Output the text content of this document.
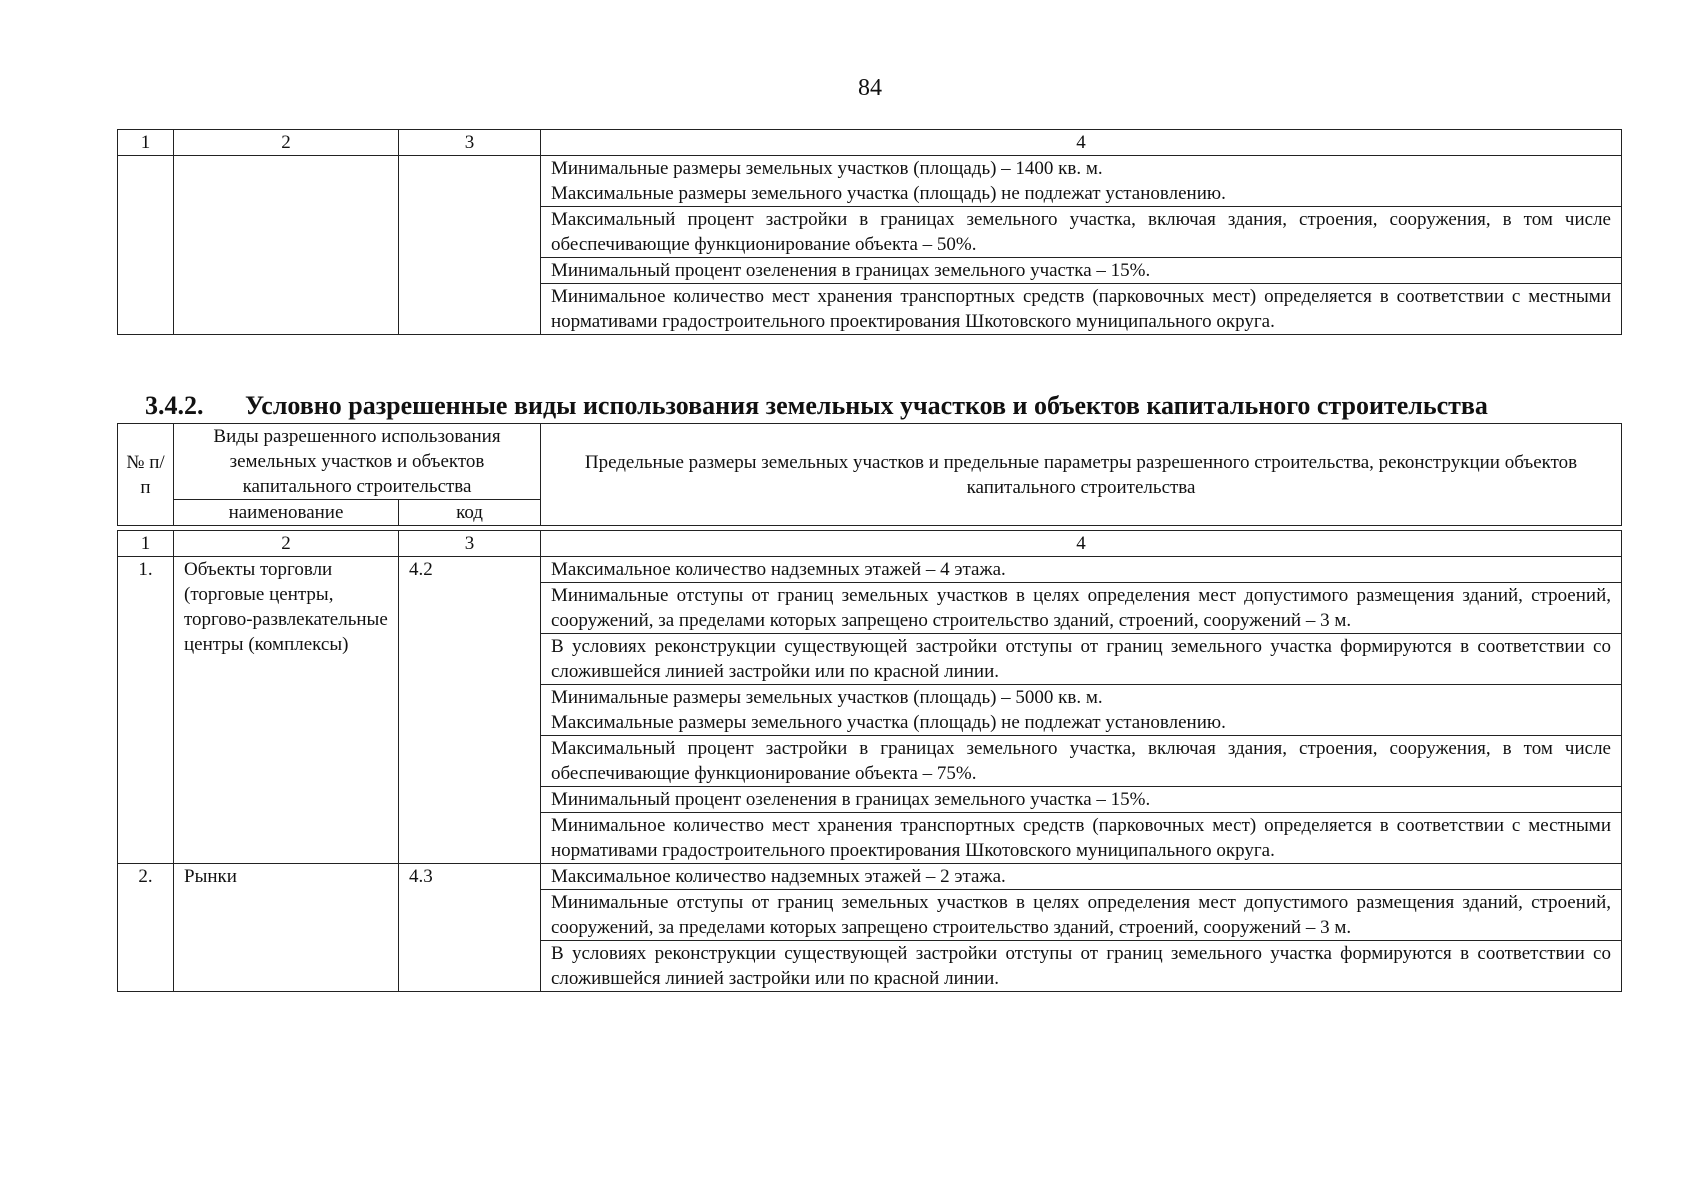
84
1	2	3	4

			Минимальные размеры земельных участков (площадь) – 1400 кв. м.
Максимальные размеры земельного участка (площадь) не подлежат установлению.

			Максимальный процент застройки в границах земельного участка, включая здания, строения, сооружения, в том числе обеспечивающие функционирование объекта – 50%.
			Минимальный процент озеленения в границах земельного участка – 15%.
			Минимальное количество мест хранения транспортных средств (парковочных мест) определяется в соответствии с местными нормативами градостроительного проектирования Шкотовского муниципального округа.
3.4.2. Условно разрешенные виды использования земельных участков и объектов капитального строительства
№ п/п	Виды разрешенного использования земельных участков и объектов капитального строительства		Предельные размеры земельных участков и предельные параметры разрешенного строительства, реконструкции объектов капитального строительства
	наименование	код	
1	2	3	4
1.	Объекты торговли (торговые центры, торгово-развлекательные центры (комплексы)	4.2	Максимальное количество надземных этажей – 4 этажа.
			Минимальные отступы от границ земельных участков в целях определения мест допустимого размещения зданий, строений, сооружений, за пределами которых запрещено строительство зданий, строений, сооружений – 3 м.
			В условиях реконструкции существующей застройки отступы от границ земельного участка формируются в соответствии со сложившейся линией застройки или по красной линии.

			Минимальные размеры земельных участков (площадь) – 5000 кв. м.
Максимальные размеры земельного участка (площадь) не подлежат установлению.

			Максимальный процент застройки в границах земельного участка, включая здания, строения, сооружения, в том числе обеспечивающие функционирование объекта – 75%.
			Минимальный процент озеленения в границах земельного участка – 15%.
			Минимальное количество мест хранения транспортных средств (парковочных мест) определяется в соответствии с местными нормативами градостроительного проектирования Шкотовского муниципального округа.
2.	Рынки	4.3	Максимальное количество надземных этажей – 2 этажа.
			Минимальные отступы от границ земельных участков в целях определения мест допустимого размещения зданий, строений, сооружений, за пределами которых запрещено строительство зданий, строений, сооружений – 3 м.
			В условиях реконструкции существующей застройки отступы от границ земельного участка формируются в соответствии со сложившейся линией застройки или по красной линии.
